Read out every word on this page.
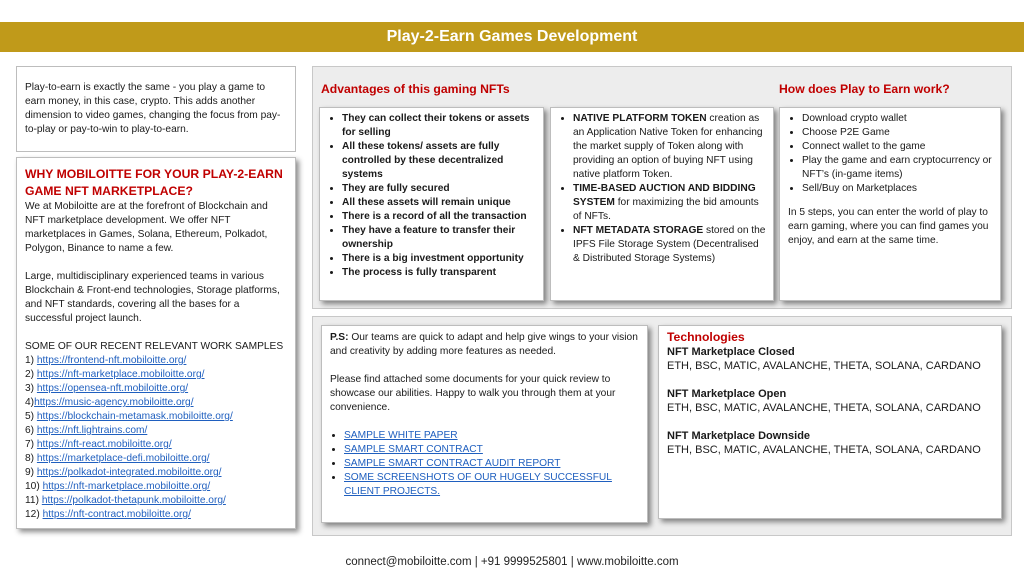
Play-2-Earn Games Development
Play-to-earn is exactly the same - you play a game to earn money, in this case, crypto. This adds another dimension to video games, changing the focus from pay-to-play or pay-to-win to play-to-earn.
WHY MOBILOITTE FOR YOUR PLAY-2-EARN GAME NFT MARKETPLACE?
We at Mobiloitte are at the forefront of Blockchain and NFT marketplace development. We offer NFT marketplaces in Games, Solana, Ethereum, Polkadot, Polygon, Binance to name a few.
Large, multidisciplinary experienced teams in various Blockchain & Front-end technologies, Storage platforms, and NFT standards, covering all the bases for a successful project launch.
SOME OF OUR RECENT RELEVANT WORK SAMPLES
1) https://frontend-nft.mobiloitte.org/
2) https://nft-marketplace.mobiloitte.org/
3) https://opensea-nft.mobiloitte.org/
4)https://music-agency.mobiloitte.org/
5) https://blockchain-metamask.mobiloitte.org/
6) https://nft.lightrains.com/
7) https://nft-react.mobiloitte.org/
8) https://marketplace-defi.mobiloitte.org/
9) https://polkadot-integrated.mobiloitte.org/
10) https://nft-marketplace.mobiloitte.org/
11) https://polkadot-thetapunk.mobiloitte.org/
12) https://nft-contract.mobiloitte.org/
Advantages of this gaming NFTs	How does Play to Earn work?
• They can collect their tokens or assets for selling
• All these tokens/ assets are fully controlled by these decentralized systems
• They are fully secured
• All these assets will remain unique
• There is a record of all the transaction
• They have a feature to transfer their ownership
• There is a big investment opportunity
• The process is fully transparent
• NATIVE PLATFORM TOKEN creation as an Application Native Token for enhancing the market supply of Token along with providing an option of buying NFT using native platform Token.
• TIME-BASED AUCTION AND BIDDING SYSTEM for maximizing the bid amounts of NFTs.
• NFT METADATA STORAGE stored on the IPFS File Storage System (Decentralised & Distributed Storage Systems)
• Download crypto wallet
• Choose P2E Game
• Connect wallet to the game
• Play the game and earn cryptocurrency or NFT’s (in-game items)
• Sell/Buy on Marketplaces
In 5 steps, you can enter the world of play to earn gaming, where you can find games you enjoy, and earn at the same time.
P.S: Our teams are quick to adapt and help give wings to your vision and creativity by adding more features as needed.
Please find attached some documents for your quick review to showcase our abilities. Happy to walk you through them at your convenience.
• SAMPLE WHITE PAPER
• SAMPLE SMART CONTRACT
• SAMPLE SMART CONTRACT AUDIT REPORT
• SOME SCREENSHOTS OF OUR HUGELY SUCCESSFUL CLIENT PROJECTS.
Technologies
NFT Marketplace Closed
ETH, BSC, MATIC, AVALANCHE, THETA, SOLANA, CARDANO
NFT Marketplace Open
ETH, BSC, MATIC, AVALANCHE, THETA, SOLANA, CARDANO
NFT Marketplace Downside
ETH, BSC, MATIC, AVALANCHE, THETA, SOLANA, CARDANO
connect@mobiloitte.com | +91 9999525801 | www.mobiloitte.com
